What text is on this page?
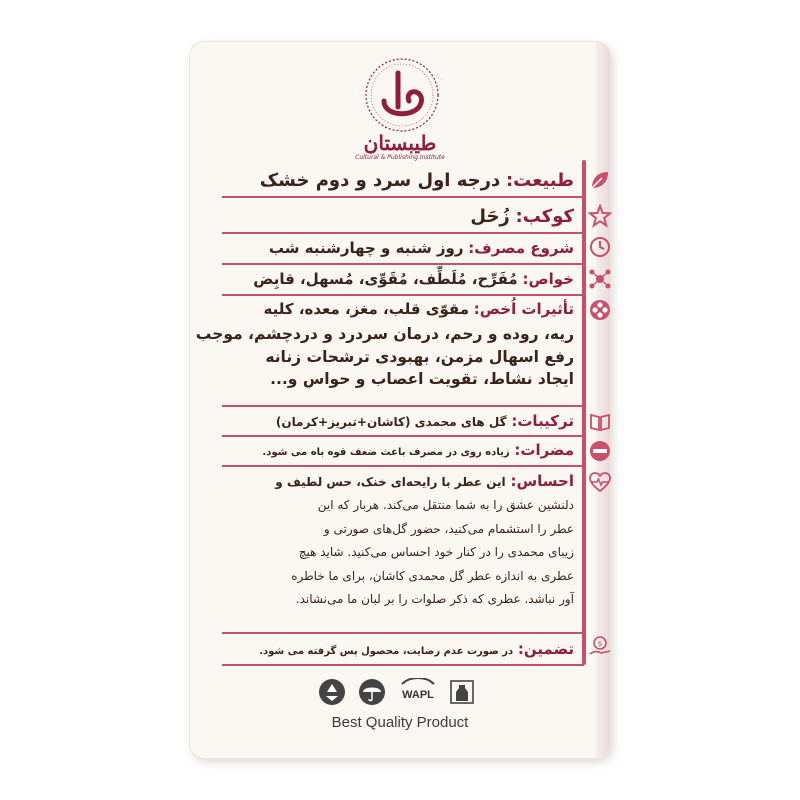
طیبستان
Cultural & Publishing Institute
طبیعت: درجه اول سرد و دوم خشک
کوکب: زُحَل
شروع مصرف: روز شنبه و چهارشنبه شب
خواص: مُفَرِّح، مُلَطِّف، مُقَوِّی، مُسهل، قابِض
تأثیرات اُخص: مقوّی قلب، مغز، معده، کلیه
ریه، روده و رحم، درمان سردرد و دردچشم، موجب
رفع اسهال مزمن، بهبودی ترشحات زنانه
ایجاد نشاط، تقویت اعصاب و حواس و...
ترکیبات: گل های محمدی (کاشان+تبریز+کرمان)
مضرات: زیاده روی در مصرف باعث ضعف قوه باه می شود.
احساس: این عطر با رایحه‌ای خنک، حس لطیف و
دلنشین عشق را به شما منتقل می‌کند. هربار که این
عطر را استشمام می‌کنید، حضور گل‌های صورتی و
زیبای محمدی را در کنار خود احساس می‌کنید. شاید هیچ
عطری به اندازه عطر گل محمدی کاشان، برای ما خاطره
آور نباشد. عطری که ذکر صلوات را بر لبان ما می‌نشاند.
تضمین: در صورت عدم رضایت، محصول پس گرفته می شود.
$
WAPL
Best Quality Product
